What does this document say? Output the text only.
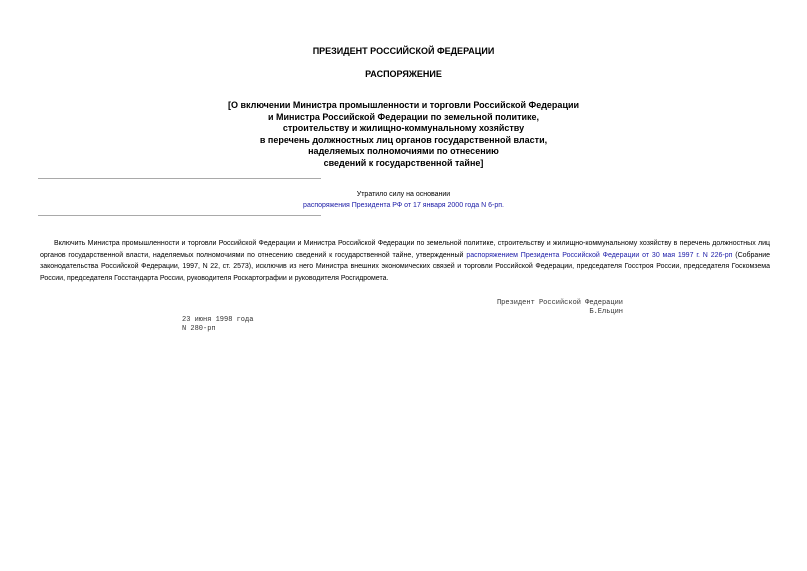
ПРЕЗИДЕНТ РОССИЙСКОЙ ФЕДЕРАЦИИ
РАСПОРЯЖЕНИЕ
[О включении Министра промышленности и торговли Российской Федерации
и Министра Российской Федерации по земельной политике,
строительству и жилищно-коммунальному хозяйству
в перечень должностных лиц органов государственной власти,
наделяемых полномочиями по отнесению
сведений к государственной тайне]
Утратило силу на основании
распоряжения Президента РФ от 17 января 2000 года N 6-рп.
Включить Министра промышленности и торговли Российской Федерации и Министра Российской Федерации по земельной политике, строительству и жилищно-коммунальному хозяйству в перечень должностных лиц органов государственной власти, наделяемых полномочиями по отнесению сведений к государственной тайне, утвержденный распоряжением Президента Российской Федерации от 30 мая 1997 г. N 226-рп (Собрание законодательства Российской Федерации, 1997, N 22, ст. 2573), исключив из него Министра внешних экономических связей и торговли Российской Федерации, председателя Госстроя России, председателя Госкомзема России, председателя Госстандарта России, руководителя Роскартографии и руководителя Росгидромета.
Президент Российской Федерации
Б.Ельцин
23 июня 1998 года
N 280-рп
